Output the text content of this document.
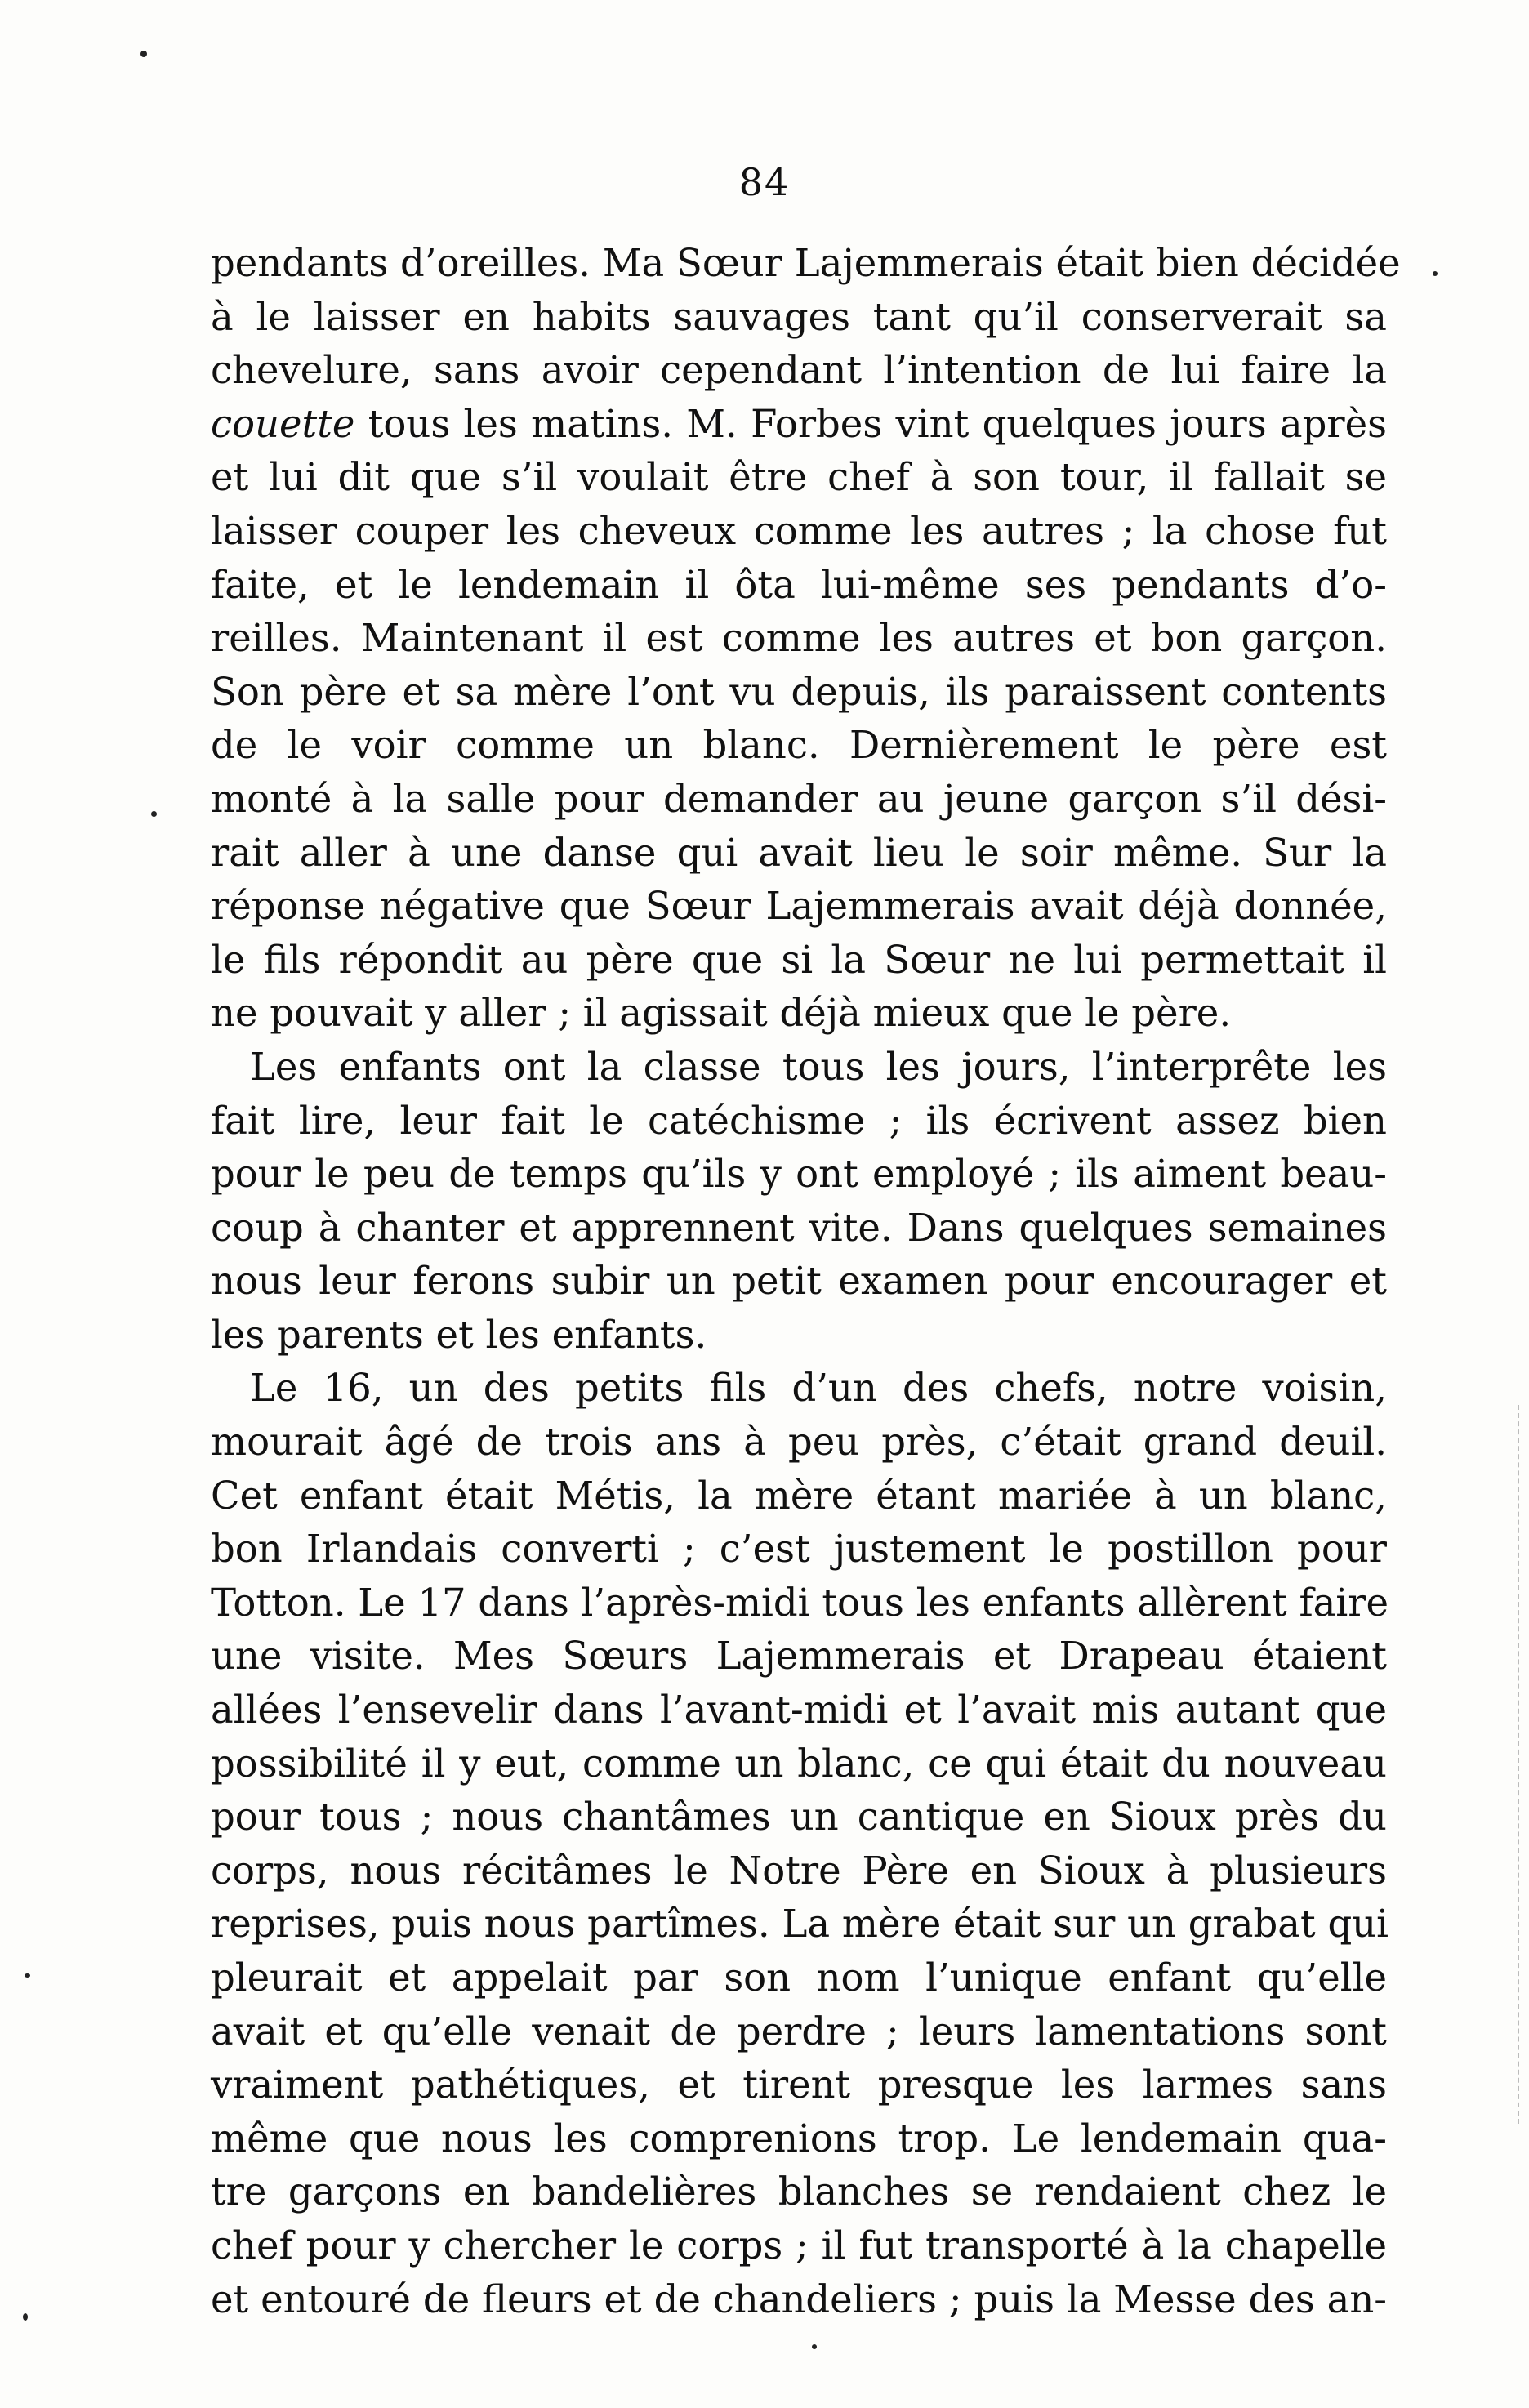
84
pendants d’oreilles. Ma Sœur Lajemmerais était bien décidée
à le laisser en habits sauvages tant qu’il conserverait sa
chevelure, sans avoir cependant l’intention de lui faire la
couette tous les matins. M. Forbes vint quelques jours après
et lui dit que s’il voulait être chef à son tour, il fallait se
laisser couper les cheveux comme les autres ; la chose fut
faite, et le lendemain il ôta lui-même ses pendants d’o-
reilles. Maintenant il est comme les autres et bon garçon.
Son père et sa mère l’ont vu depuis, ils paraissent contents
de le voir comme un blanc. Dernièrement le père est
monté à la salle pour demander au jeune garçon s’il dési-
rait aller à une danse qui avait lieu le soir même. Sur la
réponse négative que Sœur Lajemmerais avait déjà donnée,
le fils répondit au père que si la Sœur ne lui permettait il
ne pouvait y aller ; il agissait déjà mieux que le père.
Les enfants ont la classe tous les jours, l’interprête les
fait lire, leur fait le catéchisme ; ils écrivent assez bien
pour le peu de temps qu’ils y ont employé ; ils aiment beau-
coup à chanter et apprennent vite. Dans quelques semaines
nous leur ferons subir un petit examen pour encourager et
les parents et les enfants.
Le 16, un des petits fils d’un des chefs, notre voisin,
mourait âgé de trois ans à peu près, c’était grand deuil.
Cet enfant était Métis, la mère étant mariée à un blanc,
bon Irlandais converti ; c’est justement le postillon pour
Totton. Le 17 dans l’après-midi tous les enfants allèrent faire
une visite. Mes Sœurs Lajemmerais et Drapeau étaient
allées l’ensevelir dans l’avant-midi et l’avait mis autant que
possibilité il y eut, comme un blanc, ce qui était du nouveau
pour tous ; nous chantâmes un cantique en Sioux près du
corps, nous récitâmes le Notre Père en Sioux à plusieurs
reprises, puis nous partîmes. La mère était sur un grabat qui
pleurait et appelait par son nom l’unique enfant qu’elle
avait et qu’elle venait de perdre ; leurs lamentations sont
vraiment pathétiques, et tirent presque les larmes sans
même que nous les comprenions trop. Le lendemain qua-
tre garçons en bandelières blanches se rendaient chez le
chef pour y chercher le corps ; il fut transporté à la chapelle
et entouré de fleurs et de chandeliers ; puis la Messe des an-
